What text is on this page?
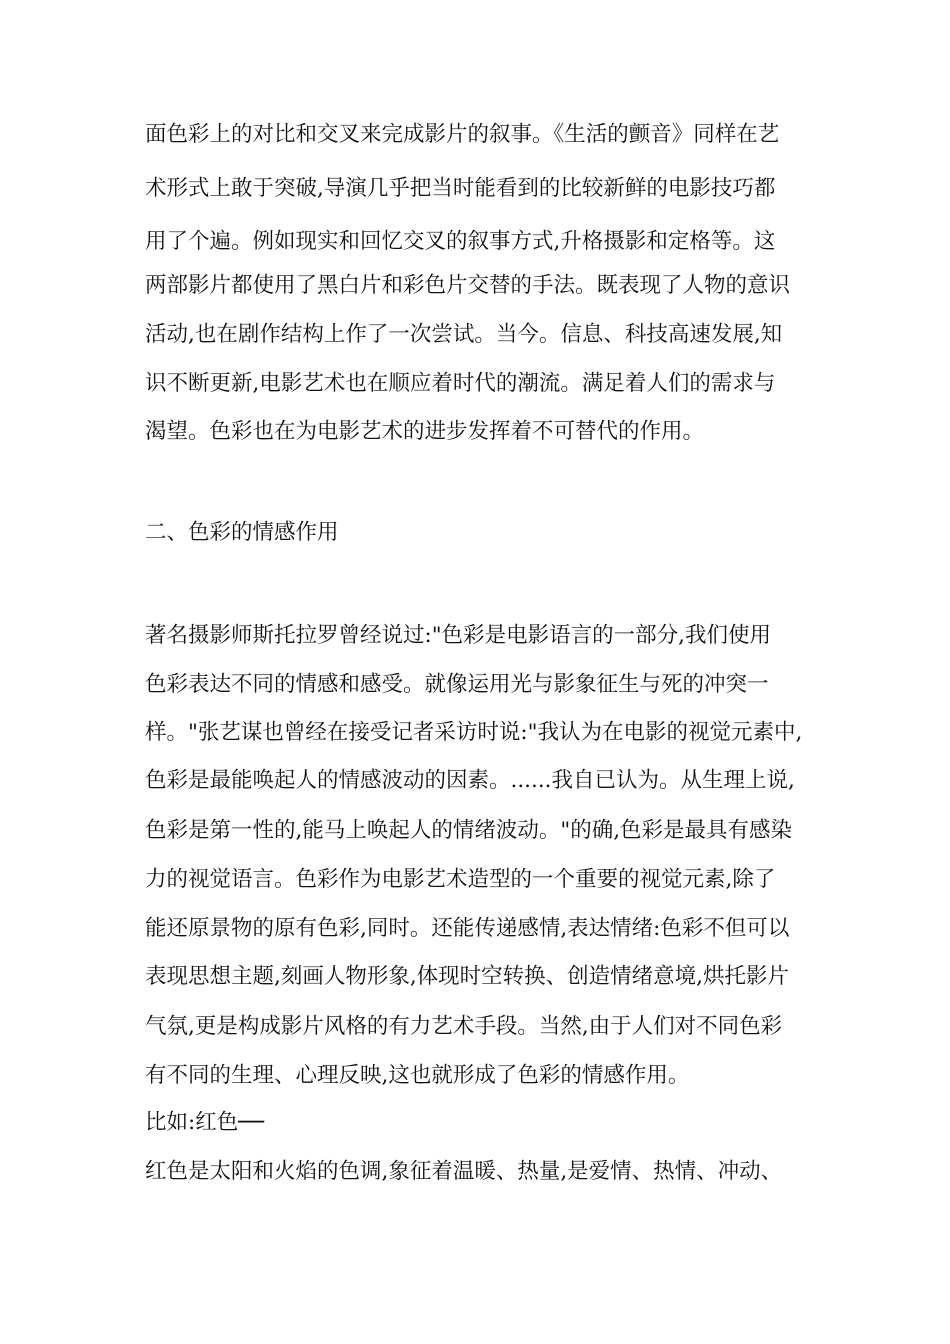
面色彩上的对比和交叉来完成影片的叙事。《生活的颤音》同样在艺
术形式上敢于突破,导演几乎把当时能看到的比较新鲜的电影技巧都
用了个遍。例如现实和回忆交叉的叙事方式,升格摄影和定格等。这
两部影片都使用了黑白片和彩色片交替的手法。既表现了人物的意识
活动,也在剧作结构上作了一次尝试。当今。信息、科技高速发展,知
识不断更新,电影艺术也在顺应着时代的潮流。满足着人们的需求与
渴望。色彩也在为电影艺术的进步发挥着不可替代的作用。
二、色彩的情感作用
著名摄影师斯托拉罗曾经说过:"色彩是电影语言的一部分,我们使用
色彩表达不同的情感和感受。就像运用光与影象征生与死的冲突一
样。"张艺谋也曾经在接受记者采访时说:"我认为在电影的视觉元素中,
色彩是最能唤起人的情感波动的因素。......我自已认为。从生理上说,
色彩是第一性的,能马上唤起人的情绪波动。"的确,色彩是最具有感染
力的视觉语言。色彩作为电影艺术造型的一个重要的视觉元素,除了
能还原景物的原有色彩,同时。还能传递感情,表达情绪:色彩不但可以
表现思想主题,刻画人物形象,体现时空转换、创造情绪意境,烘托影片
气氛,更是构成影片风格的有力艺术手段。当然,由于人们对不同色彩
有不同的生理、心理反映,这也就形成了色彩的情感作用。
比如:红色──
红色是太阳和火焰的色调,象征着温暖、热量,是爱情、热情、冲动、
